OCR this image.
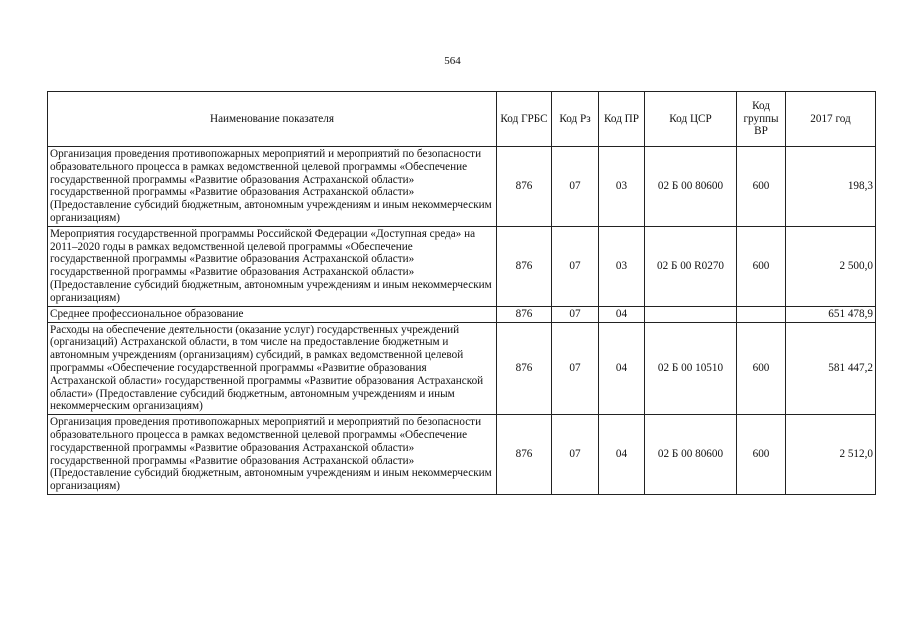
564
Наименование показателя	Код ГРБС	Код Рз	Код ПР	Код ЦСР	Код группы ВР	2017 год
Организация проведения противопожарных мероприятий и мероприятий по безопасности образовательного процесса в рамках ведомственной целевой программы «Обеспечение государственной программы «Развитие образования Астраханской области» государственной программы «Развитие образования Астраханской области» (Предоставление субсидий бюджетным, автономным учреждениям и иным некоммерческим организациям)	876	07	03	02 Б 00 80600	600	198,3
Мероприятия государственной программы Российской Федерации «Доступная среда» на 2011–2020 годы в рамках ведомственной целевой программы «Обеспечение государственной программы «Развитие образования Астраханской области» государственной программы «Развитие образования Астраханской области» (Предоставление субсидий бюджетным, автономным учреждениям и иным некоммерческим организациям)	876	07	03	02 Б 00 R0270	600	2 500,0
Среднее профессиональное образование	876	07	04			651 478,9
Расходы на обеспечение деятельности (оказание услуг) государственных учреждений (организаций) Астраханской области, в том числе на предоставление бюджетным и автономным учреждениям (организациям) субсидий, в рамках ведомственной целевой программы «Обеспечение государственной программы «Развитие образования Астраханской области» государственной программы «Развитие образования Астраханской области» (Предоставление субсидий бюджетным, автономным учреждениям и иным некоммерческим организациям)	876	07	04	02 Б 00 10510	600	581 447,2
Организация проведения противопожарных мероприятий и мероприятий по безопасности образовательного процесса в рамках ведомственной целевой программы «Обеспечение государственной программы «Развитие образования Астраханской области» государственной программы «Развитие образования Астраханской области» (Предоставление субсидий бюджетным, автономным учреждениям и иным некоммерческим организациям)	876	07	04	02 Б 00 80600	600	2 512,0
